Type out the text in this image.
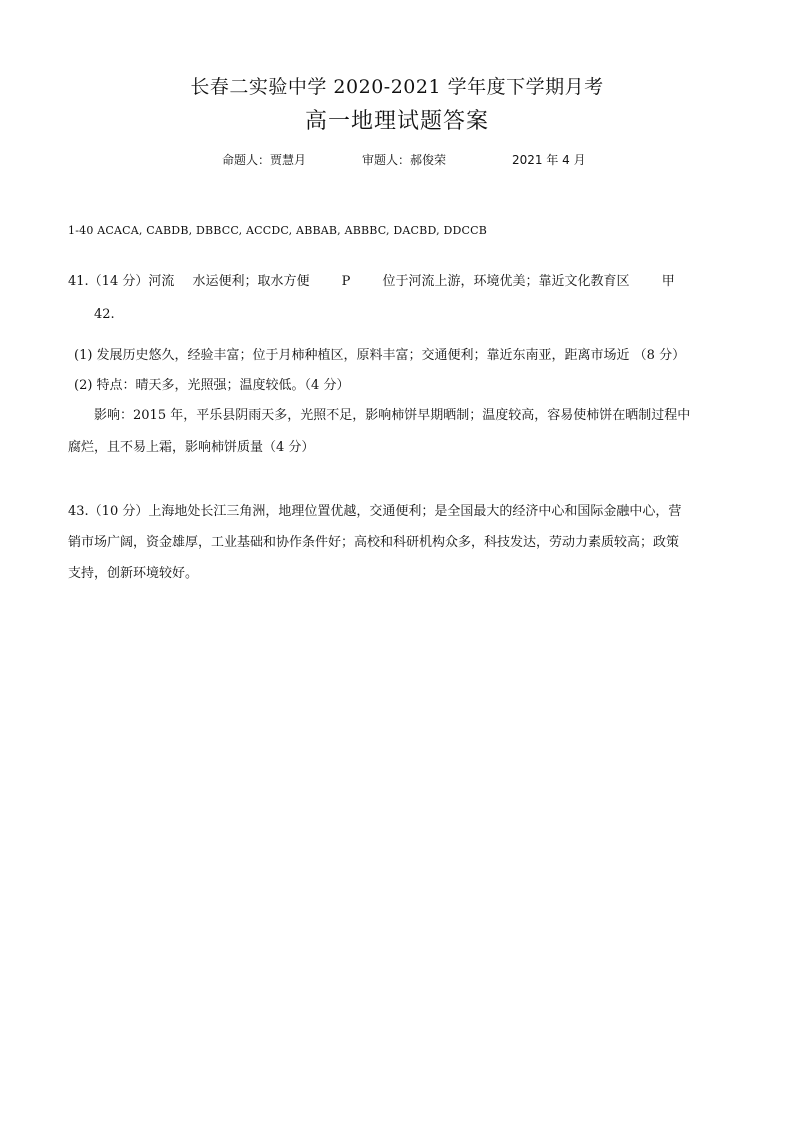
长春二实验中学 2020-2021 学年度下学期月考
高一地理试题答案
命题人：贾慧月	审题人：郝俊荣	2021 年 4 月
1-40 ACACA, CABDB, DBBCC, ACCDC, ABBAB, ABBBC, DACBD, DDCCB
41.（14 分）河流 水运便利；取水方便 P 位于河流上游，环境优美；靠近文化教育区 甲
42.
(1) 发展历史悠久，经验丰富；位于月柿种植区，原料丰富；交通便利；靠近东南亚，距离市场近 （8 分）
(2) 特点：晴天多，光照强；温度较低。（4 分）
影响：2015 年，平乐县阴雨天多，光照不足，影响柿饼早期晒制；温度较高，容易使柿饼在晒制过程中
腐烂，且不易上霜，影响柿饼质量（4 分）
43.（10 分）上海地处长江三角洲，地理位置优越，交通便利；是全国最大的经济中心和国际金融中心，营
销市场广阔，资金雄厚，工业基础和协作条件好；高校和科研机构众多，科技发达，劳动力素质较高；政策
支持，创新环境较好。
